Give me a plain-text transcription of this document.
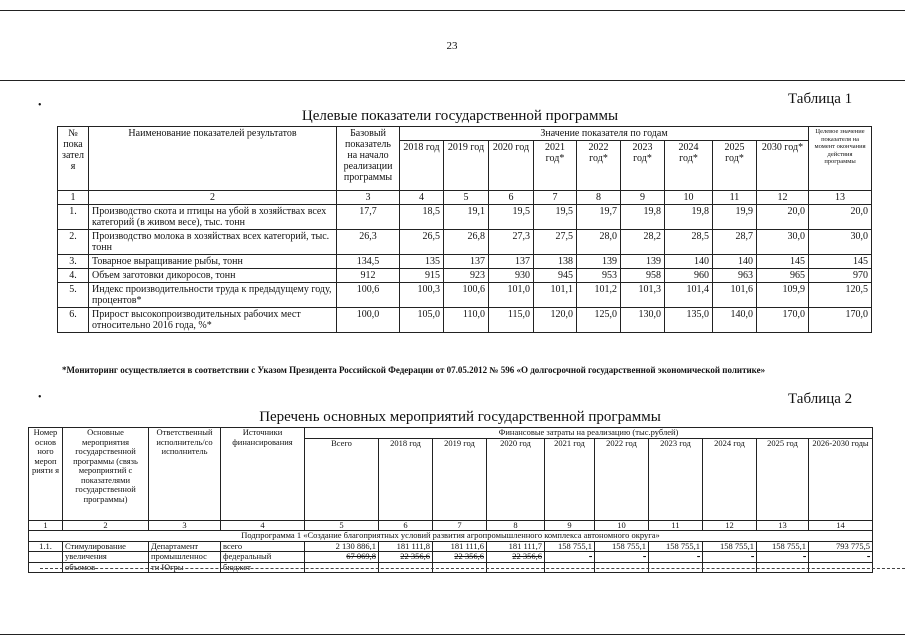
23
•	Таблица 1
Целевые показатели государственной программы
№ пока зател я	Наименование показателей результатов	Базовый показатель на начало реализации программы	Значение показателя по годам									Целевое значение показателя на момент окончания действия программы
			2018 год	2019 год	2020 год	2021 год*	2022 год*	2023 год*	2024 год*	2025 год*	2030 год*	
1	2	3	4	5	6	7	8	9	10	11	12	13
1.	Производство скота и птицы на убой в хозяйствах всех категорий (в живом весе), тыс. тонн	17,7	18,5	19,1	19,5	19,5	19,7	19,8	19,8	19,9	20,0	20,0
2.	Производство молока в хозяйствах всех категорий, тыс. тонн	26,3	26,5	26,8	27,3	27,5	28,0	28,2	28,5	28,7	30,0	30,0
3.	Товарное выращивание рыбы, тонн	134,5	135	137	137	138	139	139	140	140	145	145
4.	Объем заготовки дикоросов, тонн	912	915	923	930	945	953	958	960	963	965	970
5.	Индекс производительности труда к предыдущему году, процентов*	100,6	100,3	100,6	101,0	101,1	101,2	101,3	101,4	101,6	109,9	120,5
6.	Прирост высокопроизводительных рабочих мест относительно 2016 года, %*	100,0	105,0	110,0	115,0	120,0	125,0	130,0	135,0	140,0	170,0	170,0
*Мониторинг осуществляется в соответствии с Указом Президента Российской Федерации от 07.05.2012 № 596 «О долгосрочной государственной экономической политике»
•	Таблица 2
Перечень основных мероприятий государственной программы
Номер основ ного мероп рияти я	Основные мероприятия государственной программы (связь мероприятий с показателями государственной программы)	Ответственный исполнитель/со исполнитель	Источники финансирования	Финансовые затраты на реализацию (тыс.рублей)									
				Всего	2018 год	2019 год	2020 год	2021 год	2022 год	2023 год	2024 год	2025 год	2026-2030 годы
1	2	3	4	5	6	7	8	9	10	11	12	13	14
Подпрограмма 1 «Создание благоприятных условий развития агропромышленного комплекса автономного округа»													
1.1.	Стимулирование	Департамент	всего	2 130 886,1	181 111,8	181 111,6	181 111,7	158 755,1	158 755,1	158 755,1	158 755,1	158 755,1	793 775,5
	увеличения	промышленнос	федеральный	67 069,8	22 356,6	22 356,6	22 356,6	-	-	-	-	-	-
	объемов	ти Югры	бюджет										
